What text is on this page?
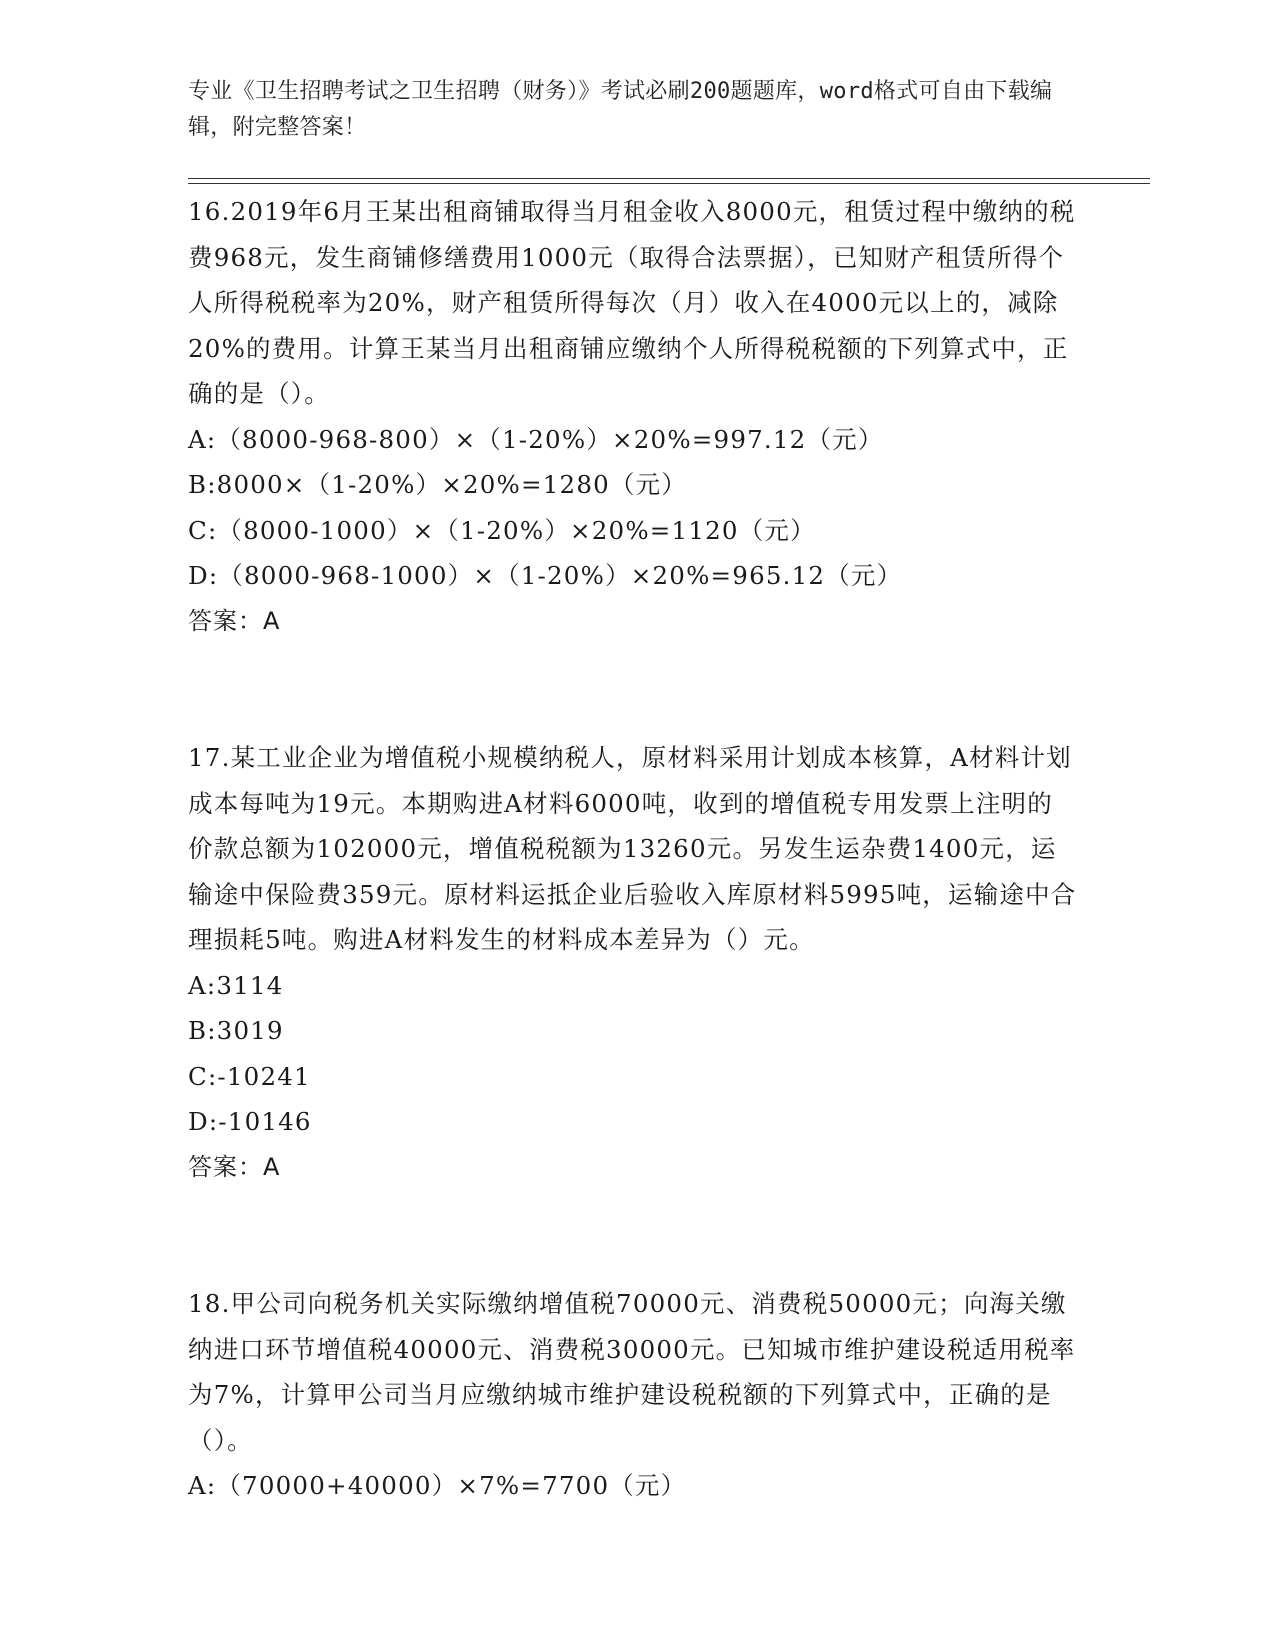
专业《卫生招聘考试之卫生招聘（财务）》考试必刷200题题库，word格式可自由下载编辑，附完整答案！

16.2019年6月王某出租商铺取得当月租金收入8000元，租赁过程中缴纳的税费968元，发生商铺修缮费用1000元（取得合法票据），已知财产租赁所得个人所得税税率为20%，财产租赁所得每次（月）收入在4000元以上的，减除20%的费用。计算王某当月出租商铺应缴纳个人所得税税额的下列算式中，正确的是（）。

A:（8000-968-800）×（1-20%）×20%=997.12（元）

B:8000×（1-20%）×20%=1280（元）

C:（8000-1000）×（1-20%）×20%=1120（元）

D:（8000-968-1000）×（1-20%）×20%=965.12（元）

答案：A

17.某工业企业为增值税小规模纳税人，原材料采用计划成本核算，A材料计划成本每吨为19元。本期购进A材料6000吨，收到的增值税专用发票上注明的价款总额为102000元，增值税税额为13260元。另发生运杂费1400元，运输途中保险费359元。原材料运抵企业后验收入库原材料5995吨，运输途中合理损耗5吨。购进A材料发生的材料成本差异为（）元。

A:3114

B:3019

C:-10241

D:-10146

答案：A

18.甲公司向税务机关实际缴纳增值税70000元、消费税50000元；向海关缴纳进口环节增值税40000元、消费税30000元。已知城市维护建设税适用税率为7%，计算甲公司当月应缴纳城市维护建设税税额的下列算式中，正确的是（）。

A:（70000+40000）×7%=7700（元）
